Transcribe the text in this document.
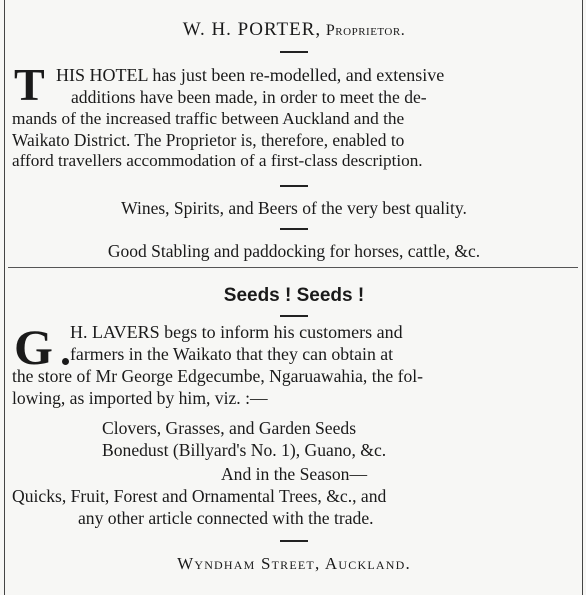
W. H. PORTER, Proprietor.
T HIS HOTEL has just been re-modelled, and extensive
additions have been made, in order to meet the de-
mands of the increased traffic between Auckland and the
Waikato District. The Proprietor is, therefore, enabled to
afford travellers accommodation of a first-class description.
Wines, Spirits, and Beers of the very best quality.
Good Stabling and paddocking for horses, cattle, &c.
Seeds ! Seeds !
G H. LAVERS begs to inform his customers and
farmers in the Waikato that they can obtain at
the store of Mr George Edgecumbe, Ngaruawahia, the fol-
lowing, as imported by him, viz. :—
Clovers, Grasses, and Garden Seeds
Bonedust (Billyard's No. 1), Guano, &c.
And in the Season—
Quicks, Fruit, Forest and Ornamental Trees, &c., and
any other article connected with the trade.
Wyndham Street, Auckland.
